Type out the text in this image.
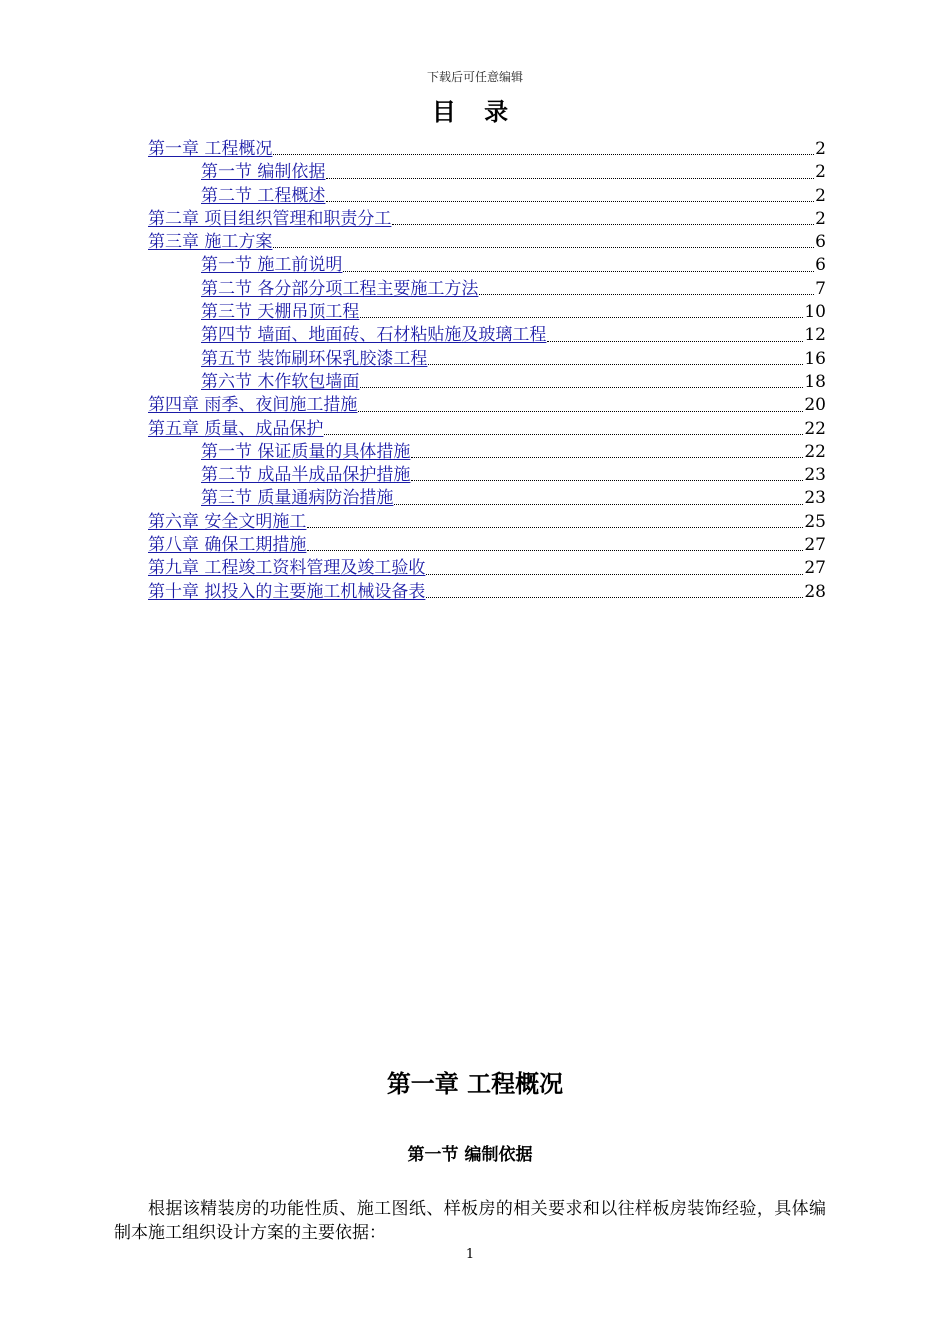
下载后可任意编辑
目 录
第一章 工程概况	2
第一节 编制依据	2
第二节 工程概述	2
第二章 项目组织管理和职责分工	2
第三章 施工方案	6
第一节 施工前说明	6
第二节 各分部分项工程主要施工方法	7
第三节 天棚吊顶工程	10
第四节 墙面、地面砖、石材粘贴施及玻璃工程	12
第五节 装饰刷环保乳胶漆工程	16
第六节 木作软包墙面	18
第四章 雨季、夜间施工措施	20
第五章 质量、成品保护	22
第一节 保证质量的具体措施	22
第二节 成品半成品保护措施	23
第三节 质量通病防治措施	23
第六章 安全文明施工	25
第八章 确保工期措施	27
第九章 工程竣工资料管理及竣工验收	27
第十章 拟投入的主要施工机械设备表	28
第一章 工程概况
第一节 编制依据
根据该精装房的功能性质、施工图纸、样板房的相关要求和以往样板房装饰经验，具体编制本施工组织设计方案的主要依据：
1
